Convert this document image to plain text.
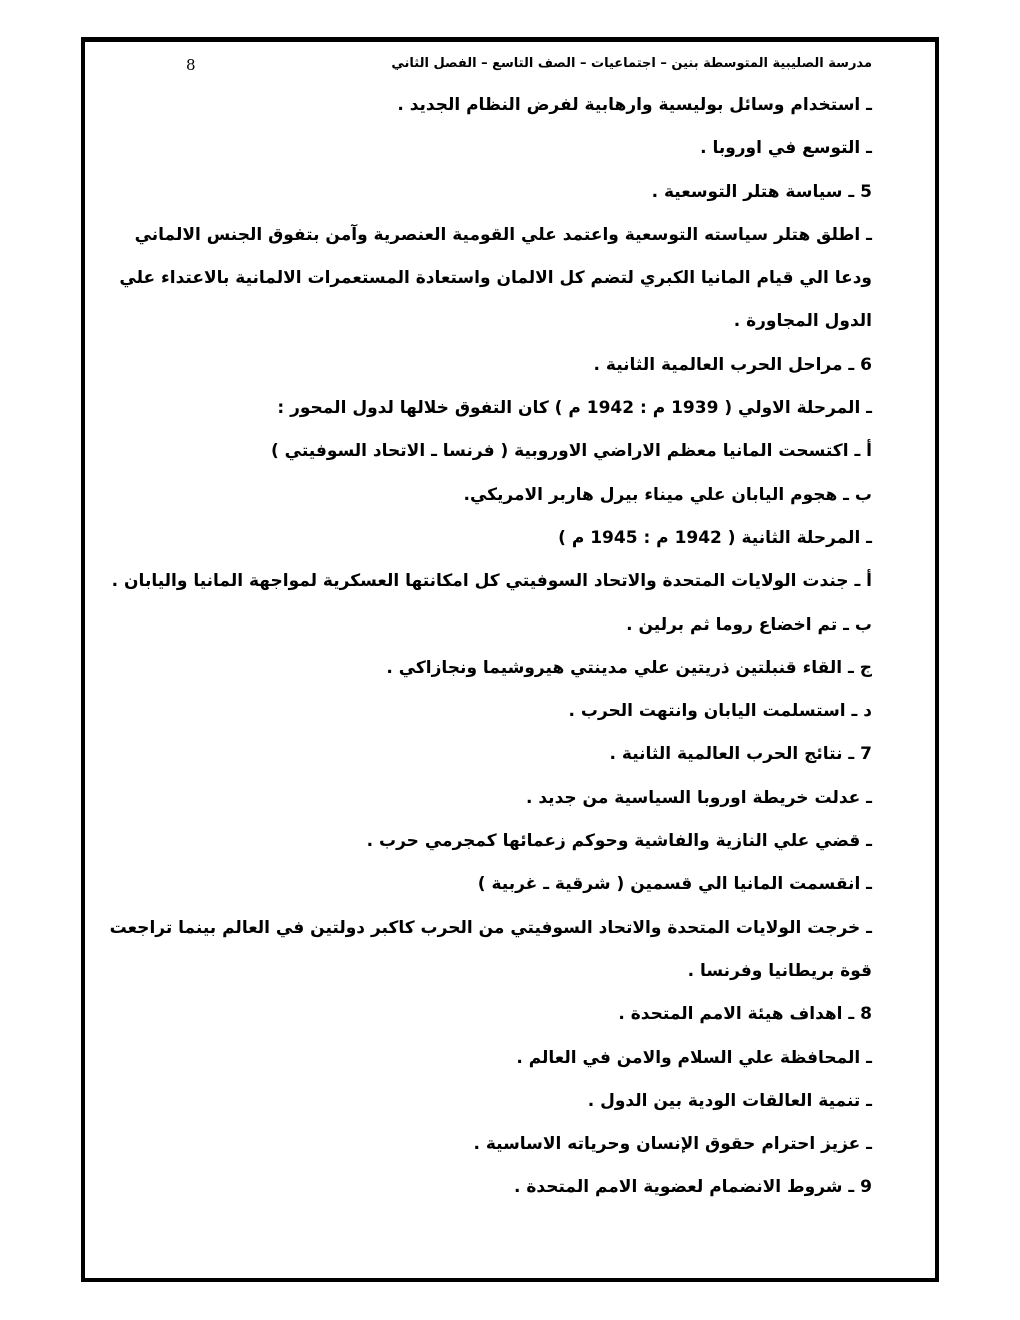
8	مدرسة الصليبية المتوسطة بنين – اجتماعيات – الصف التاسع – الفصل الثاني

ـ استخدام وسائل بوليسية وارهابية لفرض النظام الجديد .

ـ التوسع في اوروبا .

5 ـ سياسة هتلر التوسعية .

ـ اطلق هتلر سياسته التوسعية واعتمد علي القومية العنصرية وآمن بتفوق الجنس الالماني

ودعا الي قيام المانيا الكبري لتضم كل الالمان واستعادة المستعمرات الالمانية بالاعتداء علي

الدول المجاورة .

6 ـ مراحل الحرب العالمية الثانية .

ـ المرحلة الاولي ( 1939 م : 1942 م ) كان التفوق خلالها لدول المحور :

أ ـ اكتسحت المانيا معظم الاراضي الاوروبية ( فرنسا ـ الاتحاد السوفيتي )

ب ـ هجوم اليابان علي ميناء بيرل هاربر الامريكي.

ـ المرحلة الثانية ( 1942 م : 1945 م )

أ ـ جندت الولايات المتحدة والاتحاد السوفيتي كل امكانتها العسكرية لمواجهة المانيا واليابان .

ب ـ تم اخضاع روما ثم برلين .

ج ـ القاء قنبلتين ذريتين علي مدينتي هيروشيما ونجازاكي .

د ـ استسلمت اليابان وانتهت الحرب .

7 ـ نتائج الحرب العالمية الثانية .

ـ عدلت خريطة اوروبا السياسية من جديد .

ـ قضي علي النازية والفاشية وحوكم زعمائها كمجرمي حرب .

ـ انقسمت المانيا الي قسمين ( شرقية ـ غربية )

ـ خرجت الولايات المتحدة والاتحاد السوفيتي من الحرب كاكبر دولتين في العالم بينما تراجعت

قوة بريطانيا وفرنسا .

8 ـ اهداف هيئة الامم المتحدة .

ـ المحافظة علي السلام والامن في العالم .

ـ تنمية العالقات الودية بين الدول .

ـ عزيز احترام حقوق الإنسان وحرياته الاساسية .

9 ـ شروط الانضمام لعضوية الامم المتحدة .
